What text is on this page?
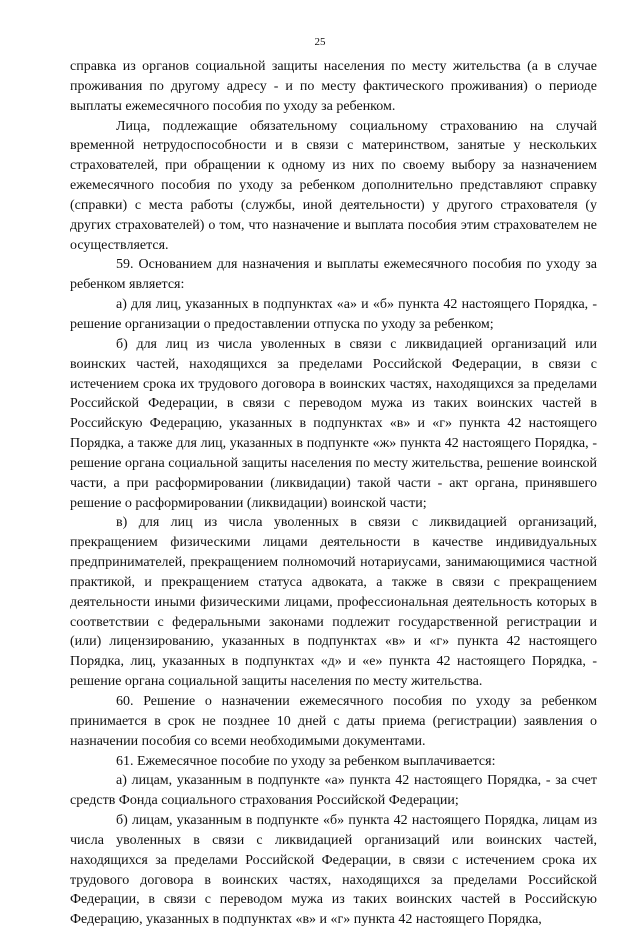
25

справка из органов социальной защиты населения по месту жительства (а в случае проживания по другому адресу - и по месту фактического проживания) о периоде выплаты ежемесячного пособия по уходу за ребенком.

Лица, подлежащие обязательному социальному страхованию на случай временной нетрудоспособности и в связи с материнством, занятые у нескольких страхователей, при обращении к одному из них по своему выбору за назначением ежемесячного пособия по уходу за ребенком дополнительно представляют справку (справки) с места работы (службы, иной деятельности) у другого страхователя (у других страхователей) о том, что назначение и выплата пособия этим страхователем не осуществляется.

59. Основанием для назначения и выплаты ежемесячного пособия по уходу за ребенком является:

а) для лиц, указанных в подпунктах «а» и «б» пункта 42 настоящего Порядка, - решение организации о предоставлении отпуска по уходу за ребенком;

б) для лиц из числа уволенных в связи с ликвидацией организаций или воинских частей, находящихся за пределами Российской Федерации, в связи с истечением срока их трудового договора в воинских частях, находящихся за пределами Российской Федерации, в связи с переводом мужа из таких воинских частей в Российскую Федерацию, указанных в подпунктах «в» и «г» пункта 42 настоящего Порядка, а также для лиц, указанных в подпункте «ж» пункта 42 настоящего Порядка, - решение органа социальной защиты населения по месту жительства, решение воинской части, а при расформировании (ликвидации) такой части - акт органа, принявшего решение о расформировании (ликвидации) воинской части;

в) для лиц из числа уволенных в связи с ликвидацией организаций, прекращением физическими лицами деятельности в качестве индивидуальных предпринимателей, прекращением полномочий нотариусами, занимающимися частной практикой, и прекращением статуса адвоката, а также в связи с прекращением деятельности иными физическими лицами, профессиональная деятельность которых в соответствии с федеральными законами подлежит государственной регистрации и (или) лицензированию, указанных в подпунктах «в» и «г» пункта 42 настоящего Порядка, лиц, указанных в подпунктах «д» и «е» пункта 42 настоящего Порядка, - решение органа социальной защиты населения по месту жительства.

60. Решение о назначении ежемесячного пособия по уходу за ребенком принимается в срок не позднее 10 дней с даты приема (регистрации) заявления о назначении пособия со всеми необходимыми документами.

61. Ежемесячное пособие по уходу за ребенком выплачивается:

а) лицам, указанным в подпункте «а» пункта 42 настоящего Порядка, - за счет средств Фонда социального страхования Российской Федерации;

б) лицам, указанным в подпункте «б» пункта 42 настоящего Порядка, лицам из числа уволенных в связи с ликвидацией организаций или воинских частей, находящихся за пределами Российской Федерации, в связи с истечением срока их трудового договора в воинских частях, находящихся за пределами Российской Федерации, в связи с переводом мужа из таких воинских частей в Российскую Федерацию, указанных в подпунктах «в» и «г» пункта 42 настоящего Порядка,
